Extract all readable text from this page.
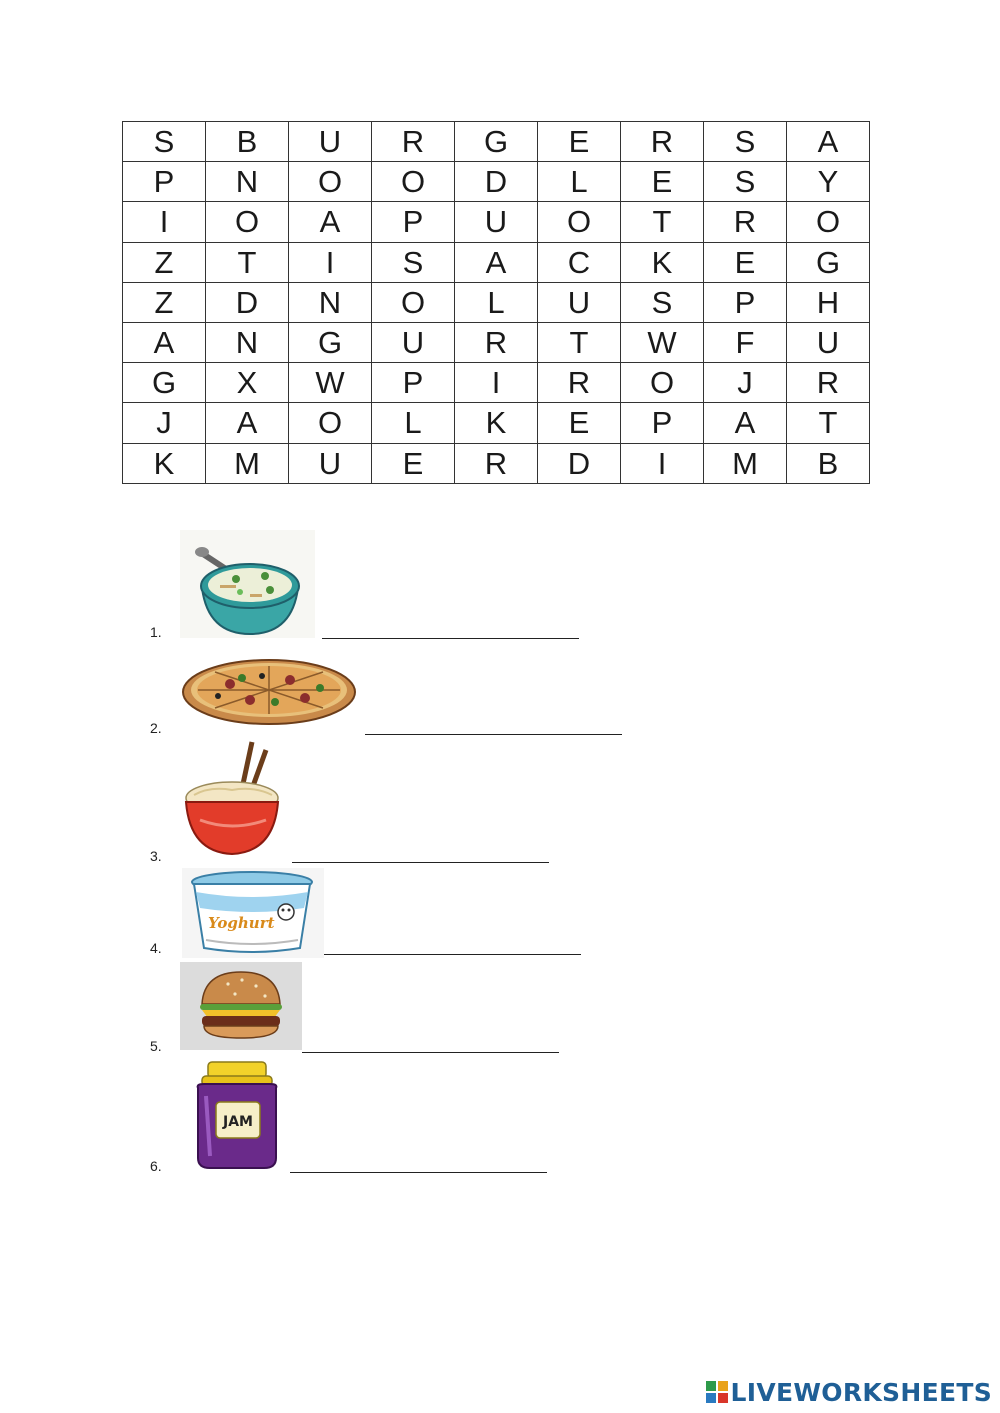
S	B	U	R	G	E	R	S	A
P	N	O	O	D	L	E	S	Y
I	O	A	P	U	O	T	R	O
Z	T	I	S	A	C	K	E	G
Z	D	N	O	L	U	S	P	H
A	N	G	U	R	T	W	F	U
G	X	W	P	I	R	O	J	R
J	A	O	L	K	E	P	A	T
K	M	U	E	R	D	I	M	B
1.
2.
3.
Yoghurt
4.
5.
JAM
6.
LIVEWORKSHEETS
